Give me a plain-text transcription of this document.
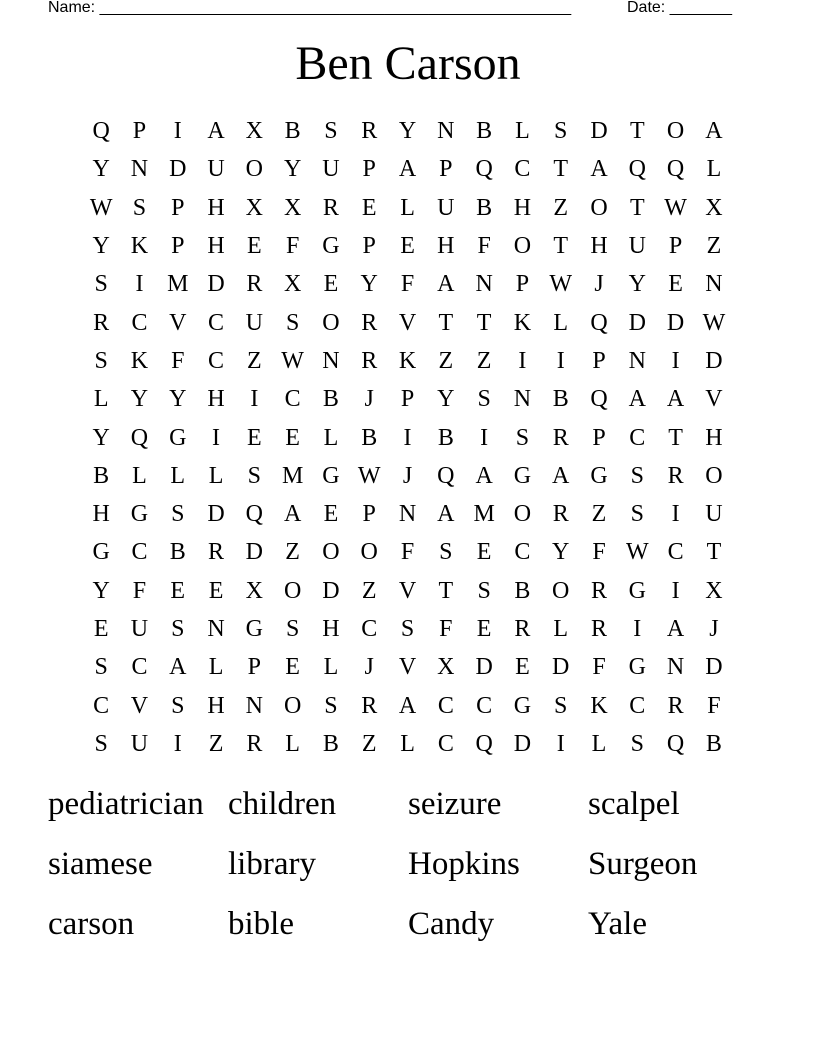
Name: _____________________________________________________	Date: _______
Ben Carson
Q P	I	A X B S R Y N B L	S D T O A
Y N D U O Y U P A P Q C T A Q Q L
W S	P H X X R E L U B H Z O T W X
Y K P H E	F G P	E H F O T H U P	Z
S	I M D R X E Y F A N P W J	Y E N
R C V C U S O R V T T K L Q D D W
S K F C Z W N R K Z Z	I	I	P N	I	D
L Y Y H	I	C B	J	P Y S N B Q A A V
Y Q G	I	E E L B	I	B	I	S R P C T H
B L L L	S M G W J	Q A G A G S R O
H G S D Q A E	P N A M O R Z	S	I	U
G C B R D Z O O F	S	E C Y F W C T
Y F	E E X O D Z V T	S B O R G	I	X
E U S N G S H C S	F	E R L R	I	A	J
S C A L	P	E L	J	V X D E D F G N D
C V S H N O S R A C C G S K C R F
S U	I	Z R L B Z L C Q D	I	L	S Q B
pediatrician children	seizure	scalpel
siamese	library	Hopkins	Surgeon
carson	bible	Candy	Yale
